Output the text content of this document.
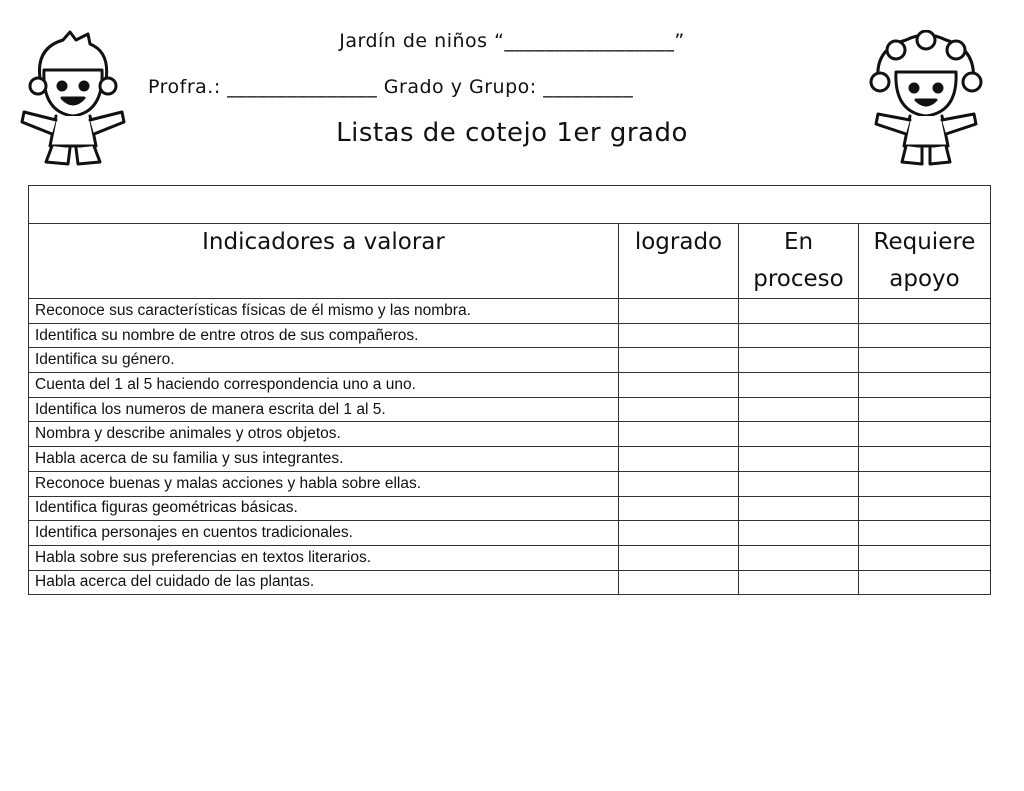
Jardín de niños “_________________”
Profra.: _______________ Grado y Grupo: _________
Listas de cotejo 1er grado

Indicadores a valorar	logrado	En proceso	Requiere apoyo
Reconoce sus características físicas de él mismo y las nombra.			
Identifica su nombre de entre otros de sus compañeros.			
Identifica su género.			
Cuenta del 1 al 5 haciendo correspondencia uno a uno.			
Identifica los numeros de manera escrita del 1 al 5.			
Nombra y describe animales y otros objetos.			
Habla acerca de su familia y sus integrantes.			
Reconoce buenas y malas acciones y habla sobre ellas.			
Identifica figuras geométricas básicas.			
Identifica personajes en cuentos tradicionales.			
Habla sobre sus preferencias en textos literarios.			
Habla acerca del cuidado de las plantas.			
